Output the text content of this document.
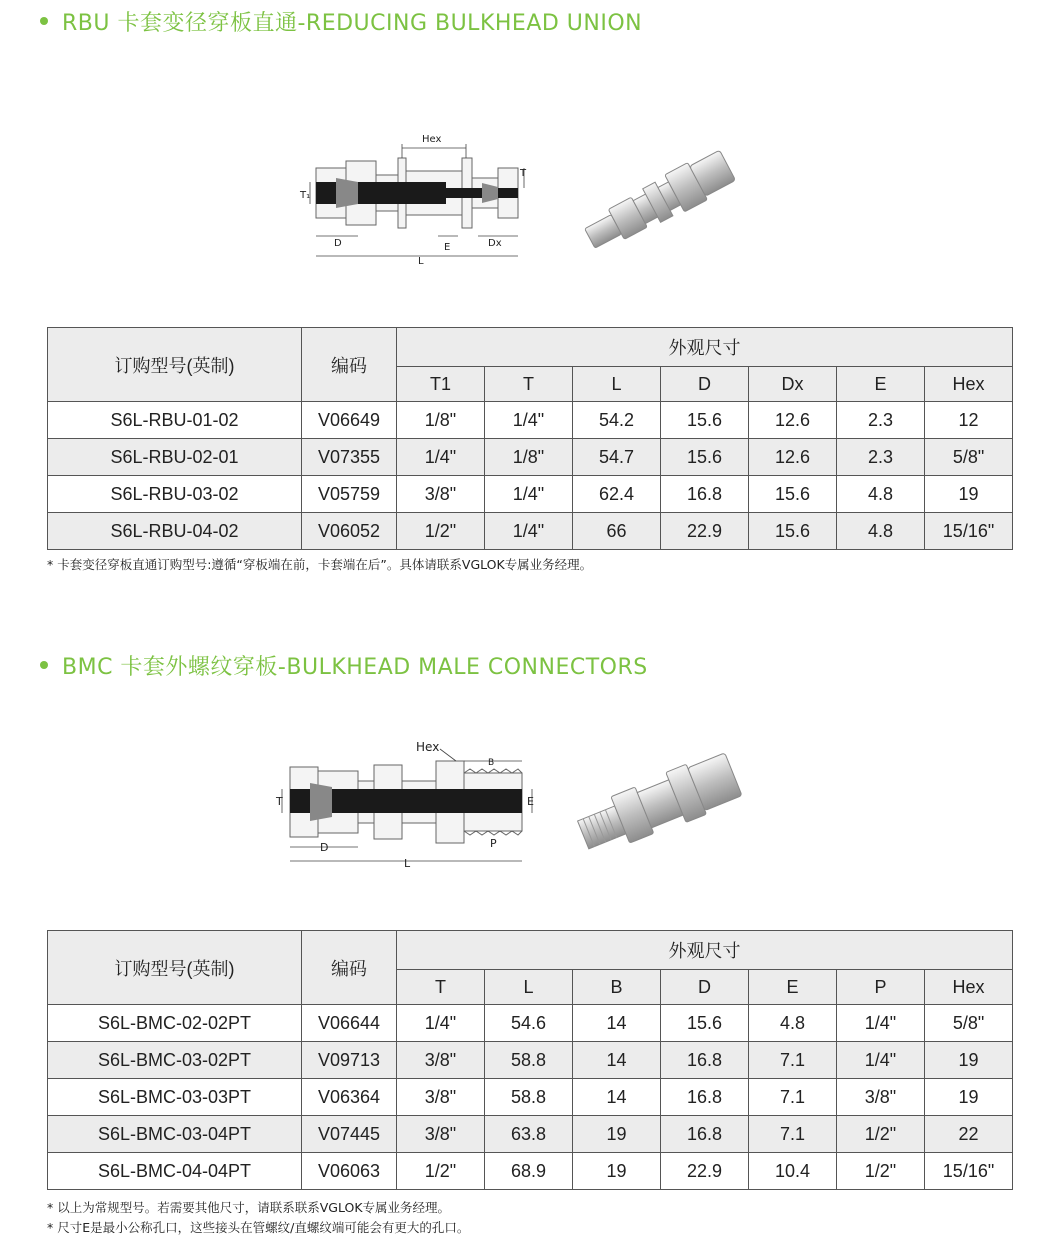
RBU 卡套变径穿板直通-REDUCING BULKHEAD UNION
Hex
T₁
T
D	E	Dx
L
订购型号(英制)	编码	外观尺寸						
		T1	T	L	D	Dx	E	Hex
S6L-RBU-01-02	V06649	1/8"	1/4"	54.2	15.6	12.6	2.3	12
S6L-RBU-02-01	V07355	1/4"	1/8"	54.7	15.6	12.6	2.3	5/8"
S6L-RBU-03-02	V05759	3/8"	1/4"	62.4	16.8	15.6	4.8	19
S6L-RBU-04-02	V06052	1/2"	1/4"	66	22.9	15.6	4.8	15/16"
* 卡套变径穿板直通订购型号:遵循“穿板端在前，卡套端在后”。具体请联系VGLOK专属业务经理。
BMC 卡套外螺纹穿板-BULKHEAD MALE CONNECTORS
Hex
B
T	E
D	P
L
订购型号(英制)	编码	外观尺寸						
		T	L	B	D	E	P	Hex
S6L-BMC-02-02PT	V06644	1/4"	54.6	14	15.6	4.8	1/4"	5/8"
S6L-BMC-03-02PT	V09713	3/8"	58.8	14	16.8	7.1	1/4"	19
S6L-BMC-03-03PT	V06364	3/8"	58.8	14	16.8	7.1	3/8"	19
S6L-BMC-03-04PT	V07445	3/8"	63.8	19	16.8	7.1	1/2"	22
S6L-BMC-04-04PT	V06063	1/2"	68.9	19	22.9	10.4	1/2"	15/16"
* 以上为常规型号。若需要其他尺寸，请联系联系VGLOK专属业务经理。
* 尺寸E是最小公称孔口，这些接头在管螺纹/直螺纹端可能会有更大的孔口。
